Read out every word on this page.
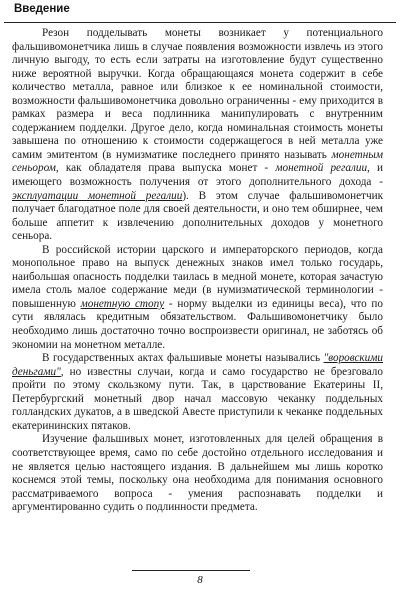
Введение

Резон подделывать монеты возникает у потенциального фальшивомонетчика лишь в случае появления возможности извлечь из этого личную выгоду, то есть если затраты на изготовление будут существенно ниже вероятной выручки. Когда обращающаяся монета содержит в себе количество металла, равное или близкое к ее номинальной стоимости, возможности фальшивомонетчика довольно ограниченны - ему приходится в рамках размера и веса подлинника манипулировать с внутренним содержанием подделки. Другое дело, когда номинальная стоимость монеты завышена по отношению к стоимости содержащегося в ней металла уже самим эмитентом (в нумизматике последнего принято называть монетным сеньором, как обладателя права выпуска монет - монетной регалии, и имеющего возможность получения от этого дополнительного дохода - эксплуатации монетной регалии). В этом случае фальшивомонетчик получает благодатное поле для своей деятельности, и оно тем обширнее, чем больше аппетит к извлечению дополнительных доходов у монетного сеньора.

В российской истории царского и императорского периодов, когда монопольное право на выпуск денежных знаков имел только государь, наибольшая опасность подделки таилась в медной монете, которая зачастую имела столь малое содержание меди (в нумизматической терминологии - повышенную монетную стопу - норму выделки из единицы веса), что по сути являлась кредитным обязательством. Фальшивомонетчику было необходимо лишь достаточно точно воспроизвести оригинал, не заботясь об экономии на монетном металле.

В государственных актах фальшивые монеты назывались "воровскими деньгами", но известны случаи, когда и само государство не брезговало пройти по этому скользкому пути. Так, в царствование Екатерины II, Петербургский монетный двор начал массовую чеканку поддельных голландских дукатов, а в шведской Авесте приступили к чеканке поддельных екатерининских пятаков.

Изучение фальшивых монет, изготовленных для целей обращения в соответствующее время, само по себе достойно отдельного исследования и не является целью настоящего издания. В дальнейшем мы лишь коротко коснемся этой темы, поскольку она необходима для понимания основного рассматриваемого вопроса - умения распознавать подделки и аргументированно судить о подлинности предмета.

8
